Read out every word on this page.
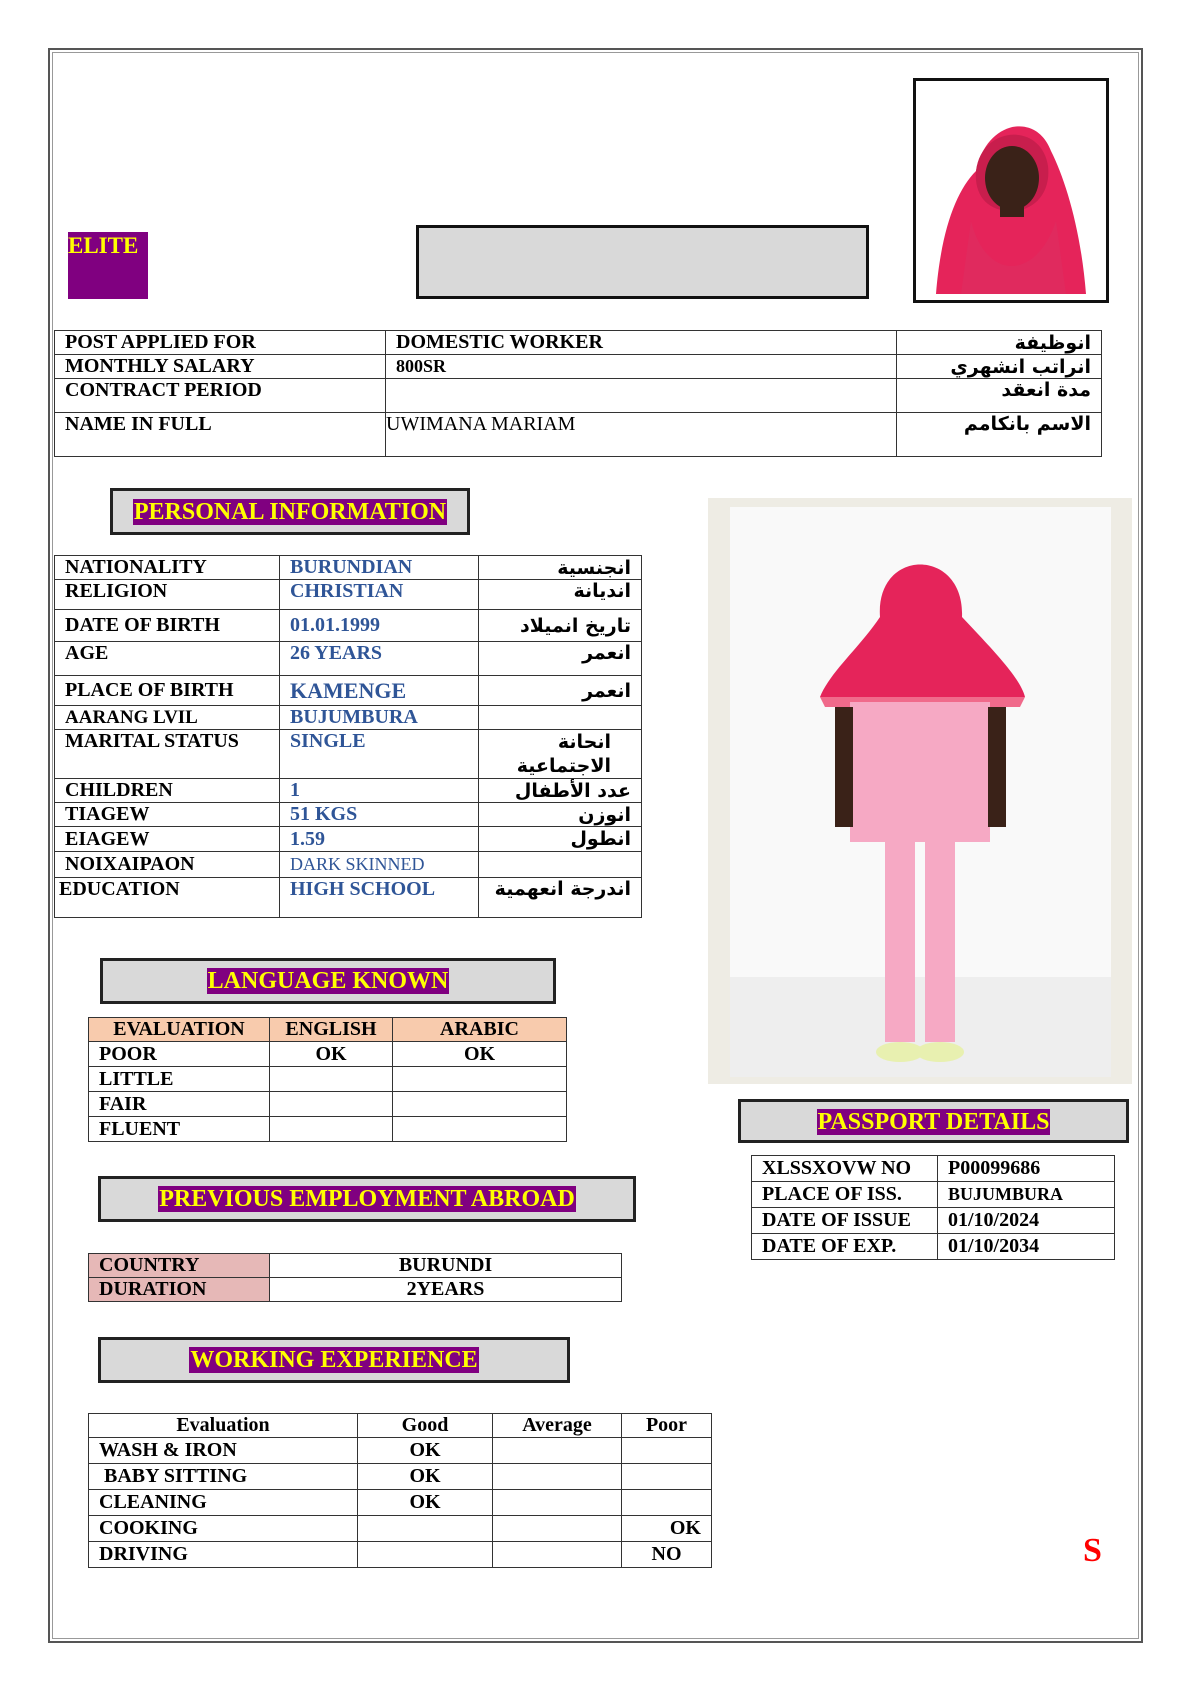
ELITE
POST APPLIED FOR	DOMESTIC WORKER	انوظيفة
MONTHLY SALARY	800SR	انراتب انشهري
CONTRACT PERIOD		مدة انعقد
NAME IN FULL	UWIMANA MARIAM	الاسم بانكامم
PERSONAL INFORMATION
NATIONALITY	BURUNDIAN	انجنسية
RELIGION	CHRISTIAN	انديانة
DATE OF BIRTH	01.01.1999	تاريخ انميلاد
AGE	26 YEARS	انعمر
PLACE OF BIRTH	KAMENGE	انعمر
AARANG LVIL	BUJUMBURA	
MARITAL STATUS	SINGLE	انحانة الاجتماعية
CHILDREN	1	عدد الأطفال
TIAGEW	51 KGS	انوزن
EIAGEW	1.59	انطول
NOIXAIPAON	DARK SKINNED	
EDUCATION	HIGH SCHOOL	اندرجة انعهمية
LANGUAGE KNOWN
EVALUATION	ENGLISH	ARABIC
POOR	OK	OK
LITTLE		
FAIR		
FLUENT		
PREVIOUS EMPLOYMENT ABROAD
COUNTRY	BURUNDI
DURATION	2YEARS
WORKING EXPERIENCE
Evaluation	Good	Average	Poor
WASH & IRON	OK		
BABY SITTING	OK		
CLEANING	OK		
COOKING			OK
DRIVING			NO
PASSPORT DETAILS
XLSSXOVW NO	P00099686
PLACE OF ISS.	BUJUMBURA
DATE OF ISSUE	01/10/2024
DATE OF EXP.	01/10/2034
S
